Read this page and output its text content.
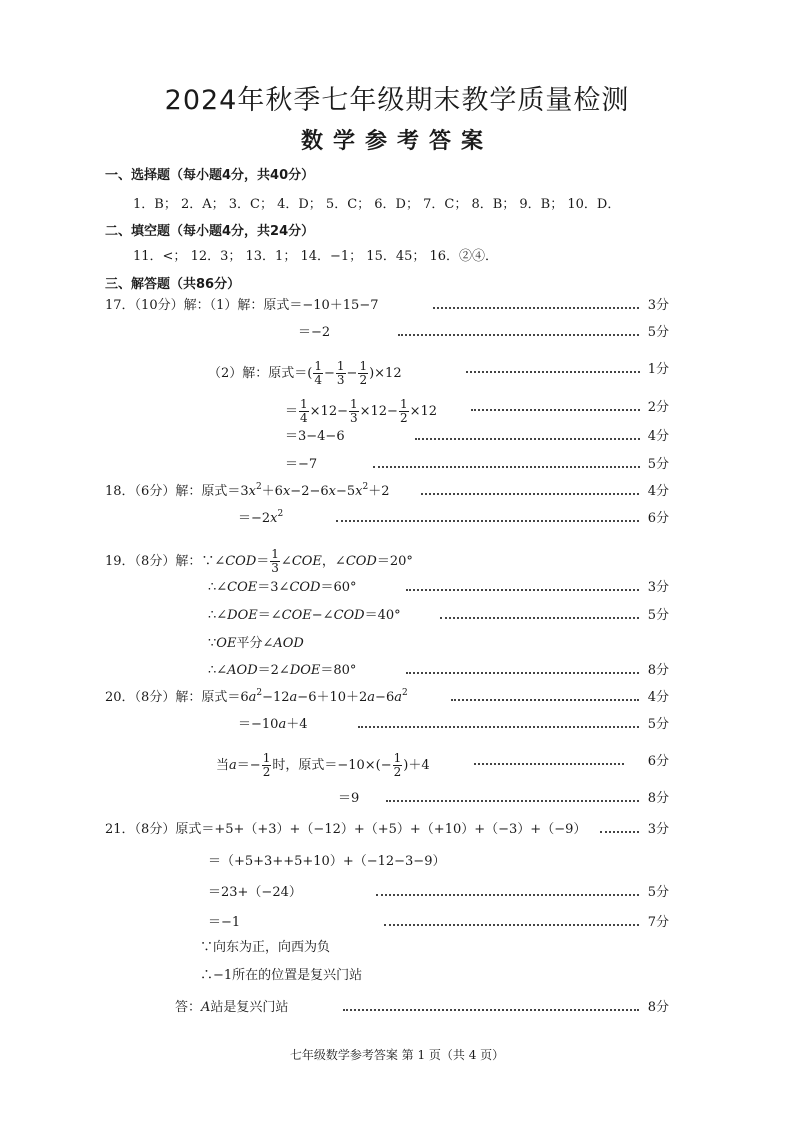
2024年秋季七年级期末教学质量检测
数学参考答案
一、选择题（每小题4分，共40分）
1．B； 2．A； 3．C； 4．D； 5．C； 6．D； 7．C； 8．B； 9．B； 10．D．
二、填空题（每小题4分，共24分）
11．<； 12．3； 13．1； 14．−1； 15．45； 16．②④．
三、解答题（共86分）
17．（10分）解：（1）解：原式＝−10＋15−7	3分
＝−2	5分
（2）解：原式＝( $\frac{1}{4} - \frac{1}{3} - \frac{1}{2} )\times 12$	1分
＝ $\frac{1}{4} \times 12- \frac{1}{3} \times 12- \frac{1}{2} \times 12$	2分
＝3−4−6	4分
＝−7	5分
18．（6分）解：原式$=3x^2+6x-2-6x-5x^2+2$	4分
$=-2x^2$	6分
19．（8分）解：∵∠COD＝ $\frac{1}{3}$ ∠COE，∠COD＝20°
∴∠COE＝3∠COD＝60°	3分
∴∠DOE＝∠COE−∠COD＝40°	5分
∵OE平分∠AOD
∴∠AOD＝2∠DOE＝80°	8分
20．（8分）解：原式$=6a^2-12a-6+10+2a-6a^2$	4分
＝−10a＋4	5分
当$a=- \frac{1}{2}$ 时，原式$=-10\times(- \frac{1}{2} )+4$	6分
＝9	8分
21．（8分）原式＝+5+（+3）+（−12）+（+5）+（+10）+（−3）+（−9）	3分
＝（+5+3++5+10）+（−12−3−9）
＝23+（−24）	5分
＝−1	7分
∵向东为正，向西为负
∴−1所在的位置是复兴门站
答：A站是复兴门站	8分
七年级数学参考答案 第 1 页（共 4 页）
